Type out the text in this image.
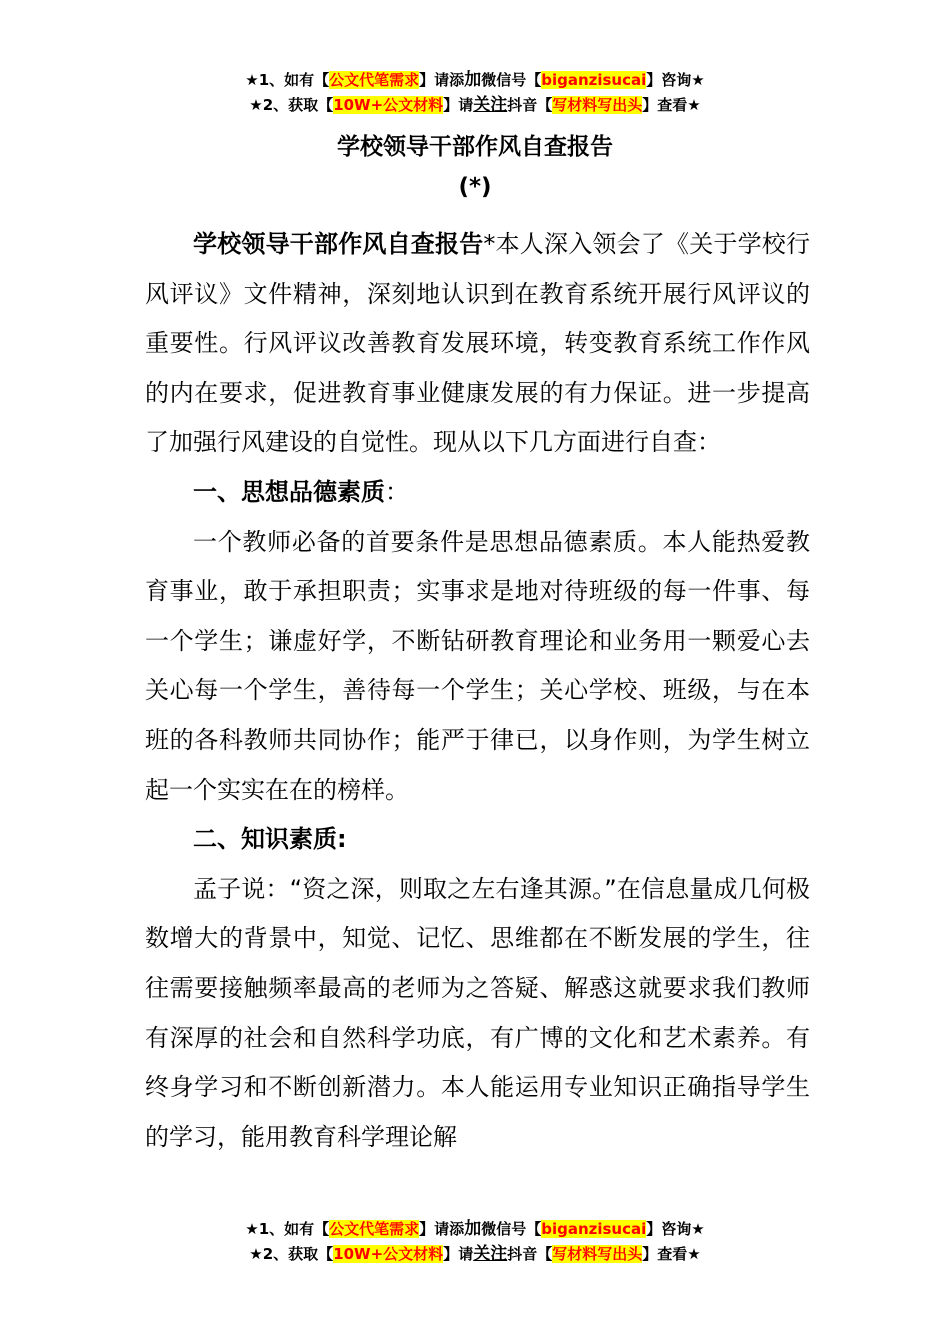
★1、如有【公文代笔需求】请添加微信号【biganzisucai】咨询★
★2、获取【10W+公文材料】请关注抖音【写材料写出头】查看★
学校领导干部作风自查报告
(*)

学校领导干部作风自查报告*本人深入领会了《关于学校行风评议》文件精神，深刻地认识到在教育系统开展行风评议的重要性。行风评议改善教育发展环境，转变教育系统工作作风的内在要求，促进教育事业健康发展的有力保证。进一步提高了加强行风建设的自觉性。现从以下几方面进行自查：

一、思想品德素质：

一个教师必备的首要条件是思想品德素质。本人能热爱教育事业，敢于承担职责；实事求是地对待班级的每一件事、每一个学生；谦虚好学，不断钻研教育理论和业务用一颗爱心去关心每一个学生，善待每一个学生；关心学校、班级，与在本班的各科教师共同协作；能严于律已，以身作则，为学生树立起一个实实在在的榜样。

二、知识素质:

孟子说：“资之深，则取之左右逢其源。”在信息量成几何极数增大的背景中，知觉、记忆、思维都在不断发展的学生，往往需要接触频率最高的老师为之答疑、解惑这就要求我们教师有深厚的社会和自然科学功底，有广博的文化和艺术素养。有终身学习和不断创新潜力。本人能运用专业知识正确指导学生的学习，能用教育科学理论解

★1、如有【公文代笔需求】请添加微信号【biganzisucai】咨询★
★2、获取【10W+公文材料】请关注抖音【写材料写出头】查看★
